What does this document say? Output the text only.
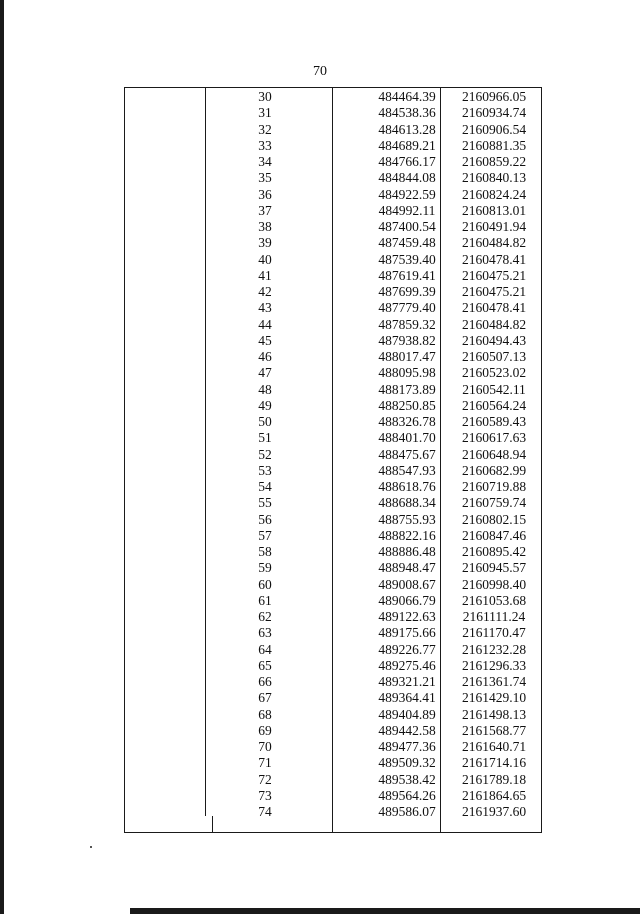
70
30	484464.39	2160966.05
31	484538.36	2160934.74
32	484613.28	2160906.54
33	484689.21	2160881.35
34	484766.17	2160859.22
35	484844.08	2160840.13
36	484922.59	2160824.24
37	484992.11	2160813.01
38	487400.54	2160491.94
39	487459.48	2160484.82
40	487539.40	2160478.41
41	487619.41	2160475.21
42	487699.39	2160475.21
43	487779.40	2160478.41
44	487859.32	2160484.82
45	487938.82	2160494.43
46	488017.47	2160507.13
47	488095.98	2160523.02
48	488173.89	2160542.11
49	488250.85	2160564.24
50	488326.78	2160589.43
51	488401.70	2160617.63
52	488475.67	2160648.94
53	488547.93	2160682.99
54	488618.76	2160719.88
55	488688.34	2160759.74
56	488755.93	2160802.15
57	488822.16	2160847.46
58	488886.48	2160895.42
59	488948.47	2160945.57
60	489008.67	2160998.40
61	489066.79	2161053.68
62	489122.63	2161111.24
63	489175.66	2161170.47
64	489226.77	2161232.28
65	489275.46	2161296.33
66	489321.21	2161361.74
67	489364.41	2161429.10
68	489404.89	2161498.13
69	489442.58	2161568.77
70	489477.36	2161640.71
71	489509.32	2161714.16
72	489538.42	2161789.18
73	489564.26	2161864.65
74	489586.07	2161937.60
